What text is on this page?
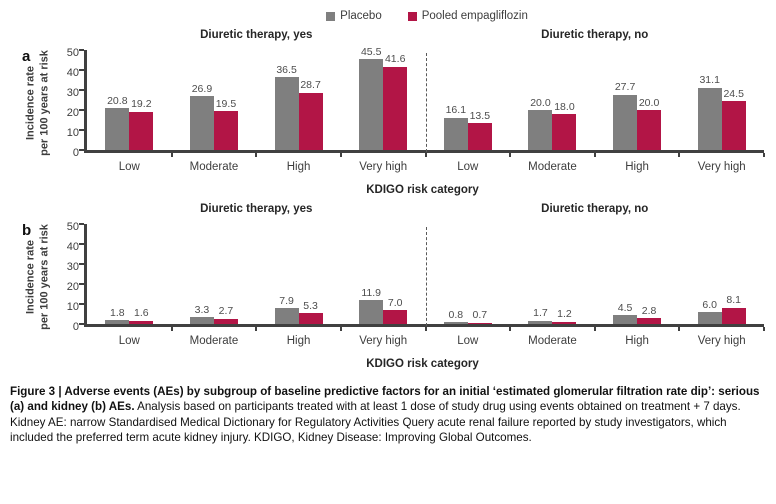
Placebo	Pooled empagliflozin
a
Incidence rate per 100 years at risk 0
10
20
30
40
50
Diuretic therapy, yes
20.8 19.2
Low
26.9
19.5
Moderate
36.5
28.7
High
45.5
41.6
Very high
Diuretic therapy, no
16.1 13.5
Low
20.0 18.0
Moderate
27.7
20.0
High
31.1
24.5
Very high
KDIGO risk category
b
Incidence rate per 100 years at risk 0
10
20
30
40
50
Diuretic therapy, yes
1.8 1.6
Low
3.3 2.7
Moderate
7.9 5.3
High
11.9
7.0
Very high
Diuretic therapy, no
0.8 0.7
Low
1.7 1.2
Moderate
4.5 2.8
High
6.0 8.1
Very high
KDIGO risk category
Figure 3 | Adverse events (AEs) by subgroup of baseline predictive factors for an initial ‘estimated glomerular filtration rate dip’: serious (a) and kidney (b) AEs. Analysis based on participants treated with at least 1 dose of study drug using events obtained on treatment + 7 days. Kidney AE: narrow Standardised Medical Dictionary for Regulatory Activities Query acute renal failure reported by study investigators, which included the preferred term acute kidney injury. KDIGO, Kidney Disease: Improving Global Outcomes.
